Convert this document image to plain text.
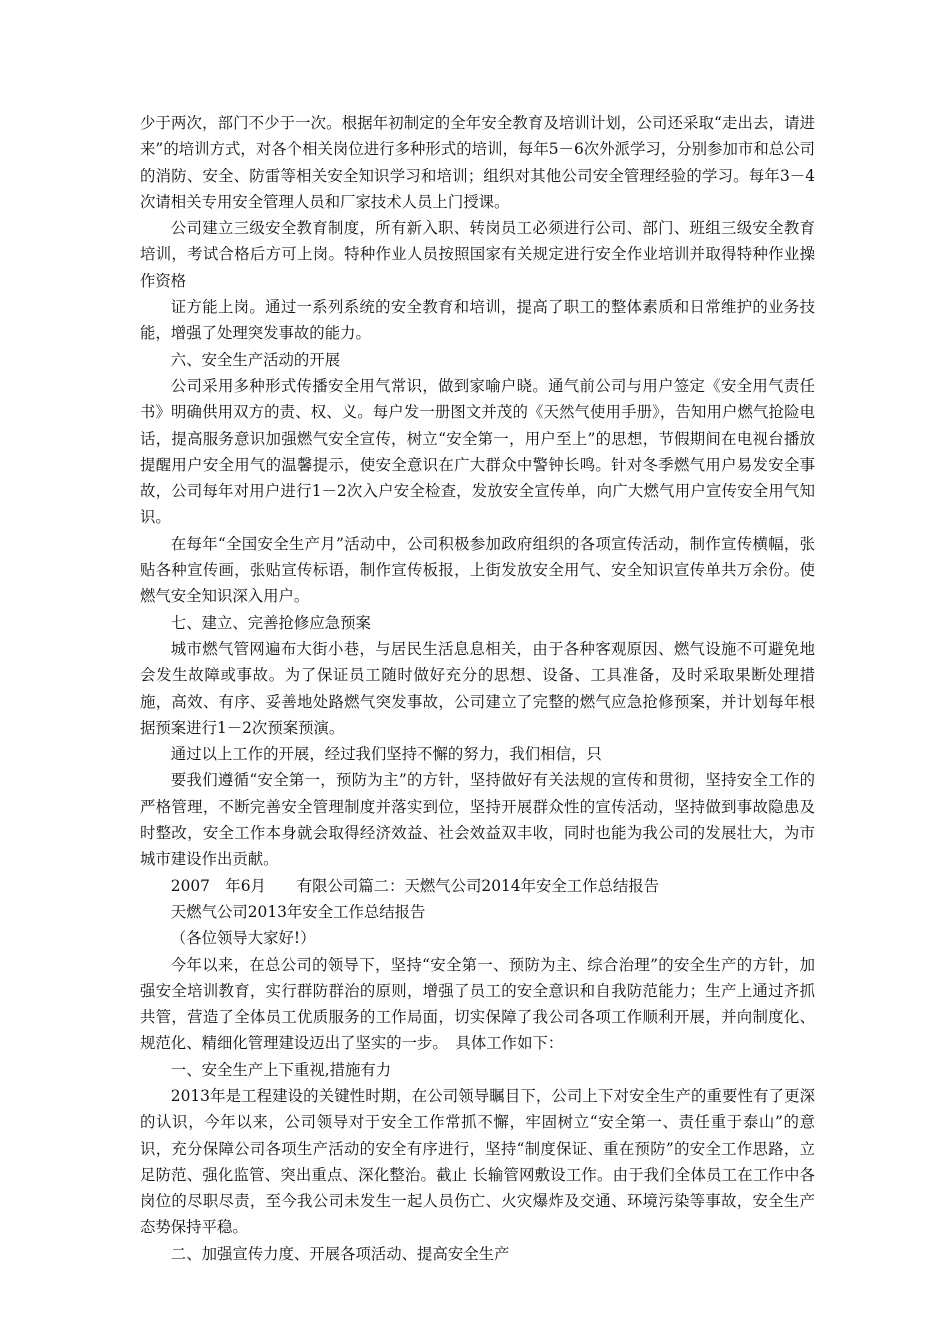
少于两次，部门不少于一次。根据年初制定的全年安全教育及培训计划，公司还采取“走出去，请进来”的培训方式，对各个相关岗位进行多种形式的培训，每年5－6次外派学习，分别参加市和总公司的消防、安全、防雷等相关安全知识学习和培训；组织对其他公司安全管理经验的学习。每年3－4次请相关专用安全管理人员和厂家技术人员上门授课。

公司建立三级安全教育制度，所有新入职、转岗员工必须进行公司、部门、班组三级安全教育培训，考试合格后方可上岗。特种作业人员按照国家有关规定进行安全作业培训并取得特种作业操作资格

证方能上岗。通过一系列系统的安全教育和培训，提高了职工的整体素质和日常维护的业务技能，增强了处理突发事故的能力。

六、安全生产活动的开展

公司采用多种形式传播安全用气常识，做到家喻户晓。通气前公司与用户签定《安全用气责任书》明确供用双方的责、权、义。每户发一册图文并茂的《天然气使用手册》，告知用户燃气抢险电话，提高服务意识加强燃气安全宣传，树立“安全第一，用户至上”的思想，节假期间在电视台播放提醒用户安全用气的温馨提示，使安全意识在广大群众中警钟长鸣。针对冬季燃气用户易发安全事故，公司每年对用户进行1－2次入户安全检查，发放安全宣传单，向广大燃气用户宣传安全用气知识。

在每年“全国安全生产月”活动中，公司积极参加政府组织的各项宣传活动，制作宣传横幅，张贴各种宣传画，张贴宣传标语，制作宣传板报，上街发放安全用气、安全知识宣传单共万余份。使燃气安全知识深入用户。

七、建立、完善抢修应急预案

城市燃气管网遍布大街小巷，与居民生活息息相关，由于各种客观原因、燃气设施不可避免地会发生故障或事故。为了保证员工随时做好充分的思想、设备、工具准备，及时采取果断处理措施，高效、有序、妥善地处路燃气突发事故，公司建立了完整的燃气应急抢修预案，并计划每年根据预案进行1－2次预案预演。

通过以上工作的开展，经过我们坚持不懈的努力，我们相信，只

要我们遵循“安全第一，预防为主”的方针，坚持做好有关法规的宣传和贯彻，坚持安全工作的严格管理，不断完善安全管理制度并落实到位，坚持开展群众性的宣传活动，坚持做到事故隐患及时整改，安全工作本身就会取得经济效益、社会效益双丰收，同时也能为我公司的发展壮大，为市城市建设作出贡献。

2007　年6月　　有限公司篇二：天燃气公司2014年安全工作总结报告

天燃气公司2013年安全工作总结报告

（各位领导大家好!）

今年以来，在总公司的领导下，坚持“安全第一、预防为主、综合治理”的安全生产的方针，加强安全培训教育，实行群防群治的原则，增强了员工的安全意识和自我防范能力；生产上通过齐抓共管，营造了全体员工优质服务的工作局面，切实保障了我公司各项工作顺利开展，并向制度化、规范化、精细化管理建设迈出了坚实的一步。　具体工作如下：

一、安全生产上下重视,措施有力

2013年是工程建设的关键性时期，在公司领导瞩目下，公司上下对安全生产的重要性有了更深的认识，今年以来，公司领导对于安全工作常抓不懈，牢固树立“安全第一、责任重于泰山”的意识，充分保障公司各项生产活动的安全有序进行，坚持“制度保证、重在预防”的安全工作思路，立足防范、强化监管、突出重点、深化整治。截止 长输管网敷设工作。由于我们全体员工在工作中各岗位的尽职尽责，至今我公司未发生一起人员伤亡、火灾爆炸及交通、环境污染等事故，安全生产态势保持平稳。

二、加强宣传力度、开展各项活动、提高安全生产
